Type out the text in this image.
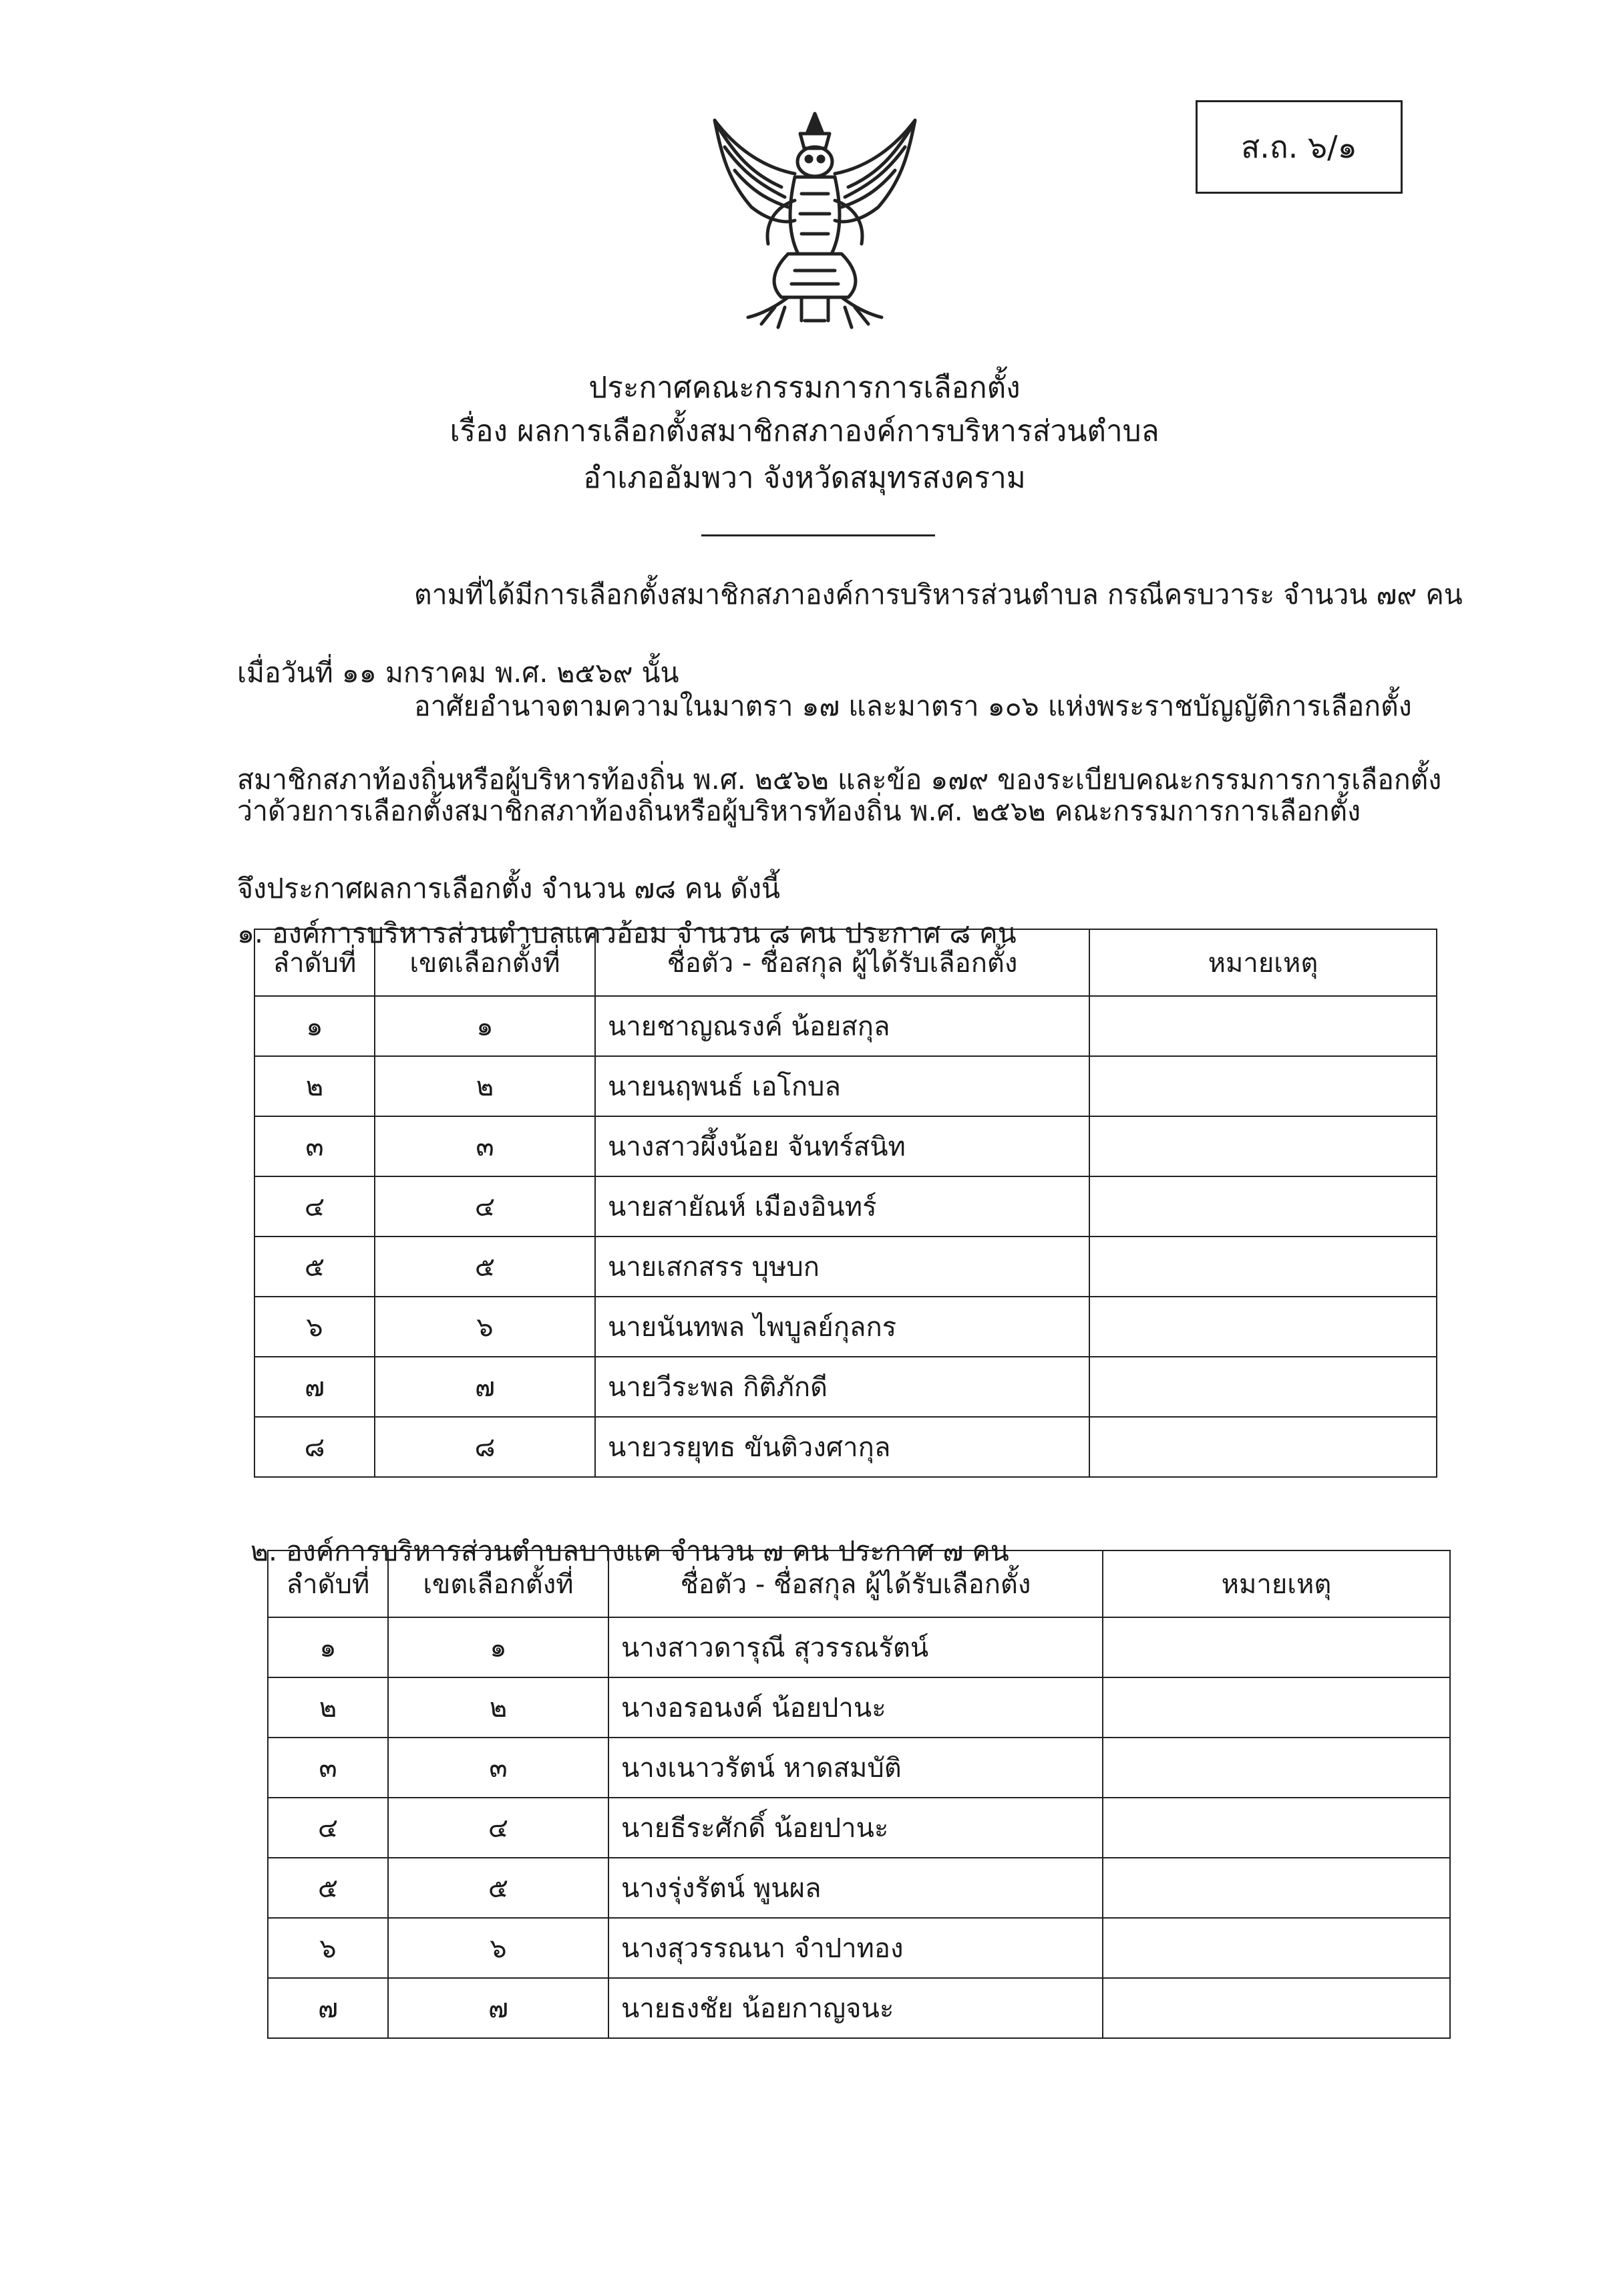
ส.ถ. ๖/๑
ประกาศคณะกรรมการการเลือกตั้ง
เรื่อง ผลการเลือกตั้งสมาชิกสภาองค์การบริหารส่วนตำบล
อำเภออัมพวา จังหวัดสมุทรสงคราม
ตามที่ได้มีการเลือกตั้งสมาชิกสภาองค์การบริหารส่วนตำบล กรณีครบวาระ จำนวน ๗๙ คน
เมื่อวันที่ ๑๑ มกราคม พ.ศ. ๒๕๖๙ นั้น
อาศัยอำนาจตามความในมาตรา ๑๗ และมาตรา ๑๐๖ แห่งพระราชบัญญัติการเลือกตั้ง
สมาชิกสภาท้องถิ่นหรือผู้บริหารท้องถิ่น พ.ศ. ๒๕๖๒ และข้อ ๑๗๙ ของระเบียบคณะกรรมการการเลือกตั้ง
ว่าด้วยการเลือกตั้งสมาชิกสภาท้องถิ่นหรือผู้บริหารท้องถิ่น พ.ศ. ๒๕๖๒ คณะกรรมการการเลือกตั้ง
จึงประกาศผลการเลือกตั้ง จำนวน ๗๘ คน ดังนี้
๑. องค์การบริหารส่วนตำบลแควอ้อม จำนวน ๘ คน ประกาศ ๘ คน
ลำดับที่	เขตเลือกตั้งที่	ชื่อตัว - ชื่อสกุล ผู้ได้รับเลือกตั้ง	หมายเหตุ
๑	๑	นายชาญณรงค์ น้อยสกุล	
๒	๒	นายนฤพนธ์ เอโกบล	
๓	๓	นางสาวผึ้งน้อย จันทร์สนิท	
๔	๔	นายสายัณห์ เมืองอินทร์	
๕	๕	นายเสกสรร บุษบก	
๖	๖	นายนันทพล ไพบูลย์กุลกร	
๗	๗	นายวีระพล กิติภักดี	
๘	๘	นายวรยุทธ ขันติวงศากุล	
๒. องค์การบริหารส่วนตำบลบางแค จำนวน ๗ คน ประกาศ ๗ คน
ลำดับที่	เขตเลือกตั้งที่	ชื่อตัว - ชื่อสกุล ผู้ได้รับเลือกตั้ง	หมายเหตุ
๑	๑	นางสาวดารุณี สุวรรณรัตน์	
๒	๒	นางอรอนงค์ น้อยปานะ	
๓	๓	นางเนาวรัตน์ หาดสมบัติ	
๔	๔	นายธีระศักดิ์ น้อยปานะ	
๕	๕	นางรุ่งรัตน์ พูนผล	
๖	๖	นางสุวรรณนา จำปาทอง	
๗	๗	นายธงชัย น้อยกาญจนะ	
